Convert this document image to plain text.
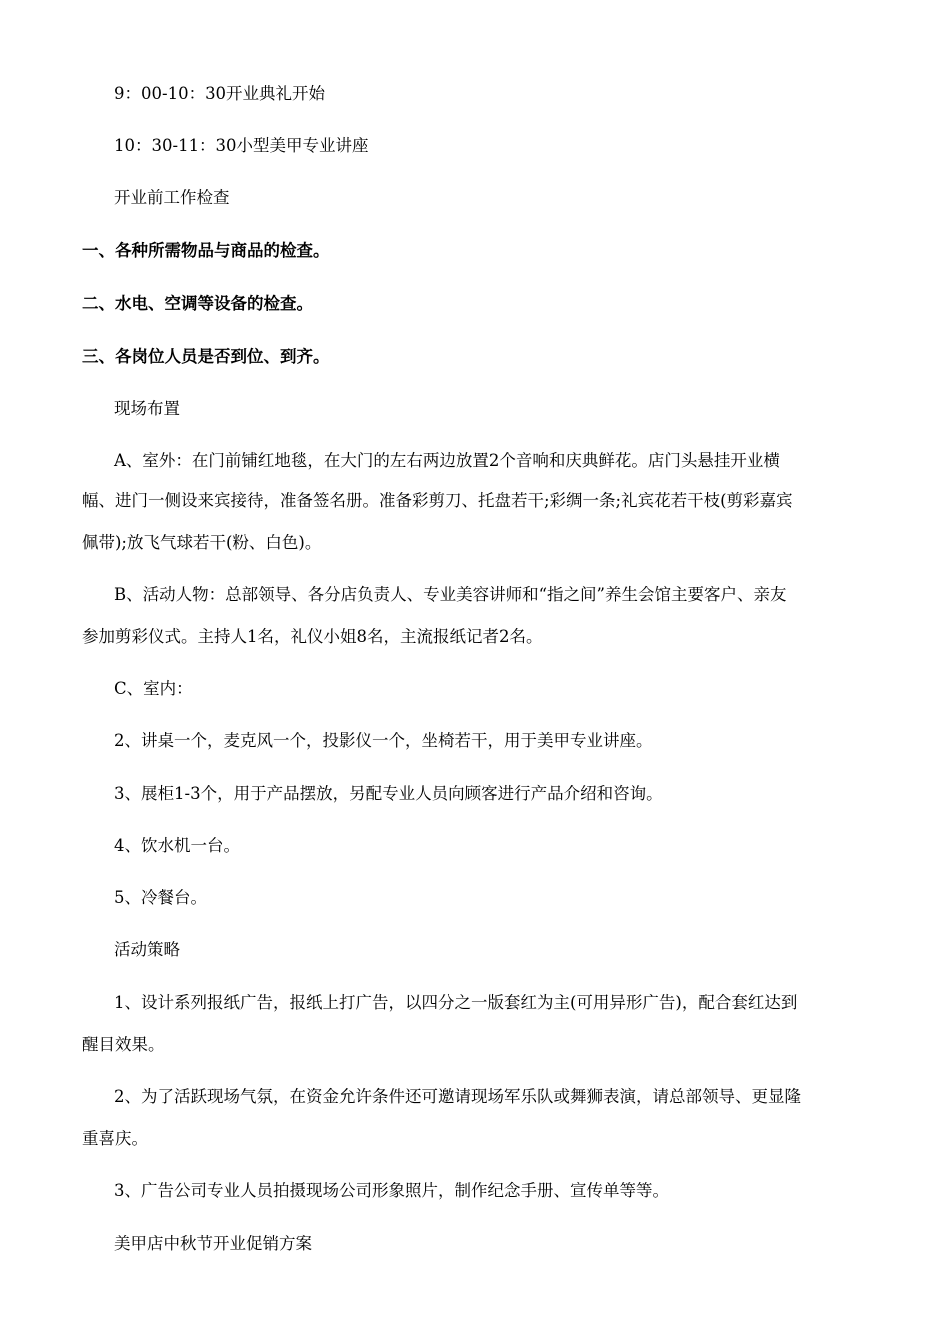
9：00-10：30开业典礼开始
10：30-11：30小型美甲专业讲座
开业前工作检查
一、各种所需物品与商品的检查。
二、水电、空调等设备的检查。
三、各岗位人员是否到位、到齐。
现场布置
A、室外：在门前铺红地毯，在大门的左右两边放置2个音响和庆典鲜花。店门头悬挂开业横
幅、进门一侧设来宾接待，准备签名册。准备彩剪刀、托盘若干;彩绸一条;礼宾花若干枝(剪彩嘉宾
佩带);放飞气球若干(粉、白色)。
B、活动人物：总部领导、各分店负责人、专业美容讲师和“指之间”养生会馆主要客户、亲友
参加剪彩仪式。主持人1名，礼仪小姐8名，主流报纸记者2名。
C、室内：
2、讲桌一个，麦克风一个，投影仪一个，坐椅若干，用于美甲专业讲座。
3、展柜1-3个，用于产品摆放，另配专业人员向顾客进行产品介绍和咨询。
4、饮水机一台。
5、冷餐台。
活动策略
1、设计系列报纸广告，报纸上打广告，以四分之一版套红为主(可用异形广告)，配合套红达到
醒目效果。
2、为了活跃现场气氛，在资金允许条件还可邀请现场军乐队或舞狮表演，请总部领导、更显隆
重喜庆。
3、广告公司专业人员拍摄现场公司形象照片，制作纪念手册、宣传单等等。
美甲店中秋节开业促销方案
